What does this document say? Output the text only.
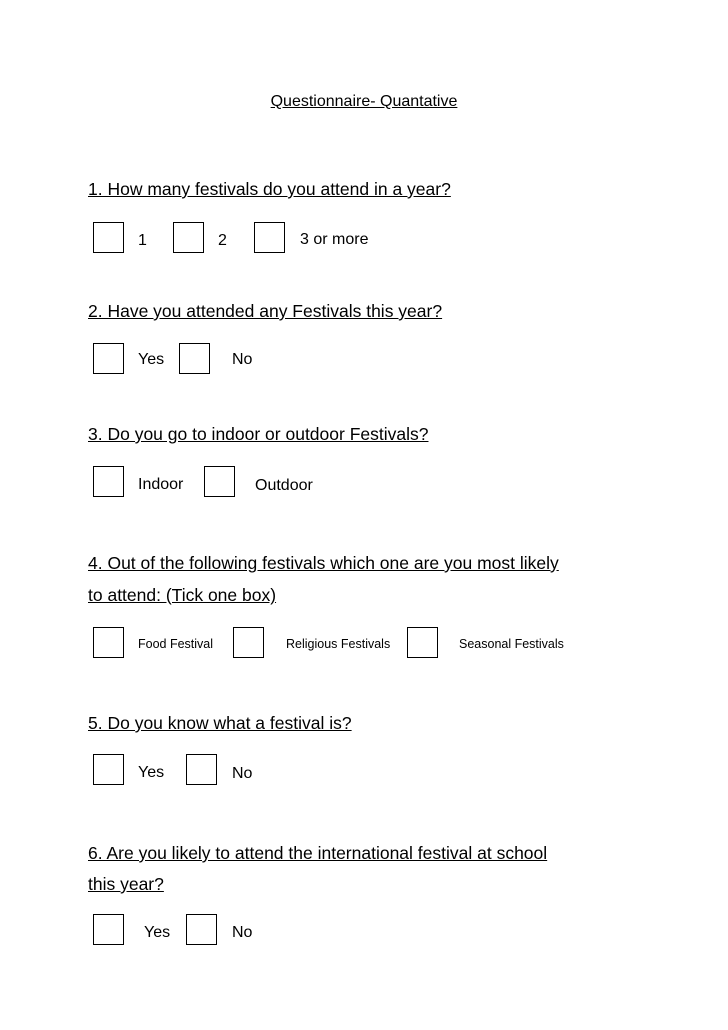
Questionnaire- Quantative
1. How many festivals do you attend in a year?
1	2	3 or more
2. Have you attended any Festivals this year?
Yes	No
3. Do you go to indoor or outdoor Festivals?
Indoor	Outdoor
4. Out of the following festivals which one are you most likely
to attend: (Tick one box)
Food Festival	Religious Festivals	Seasonal Festivals
5. Do you know what a festival is?
Yes	No
6. Are you likely to attend the international festival at school
this year?
Yes	No
